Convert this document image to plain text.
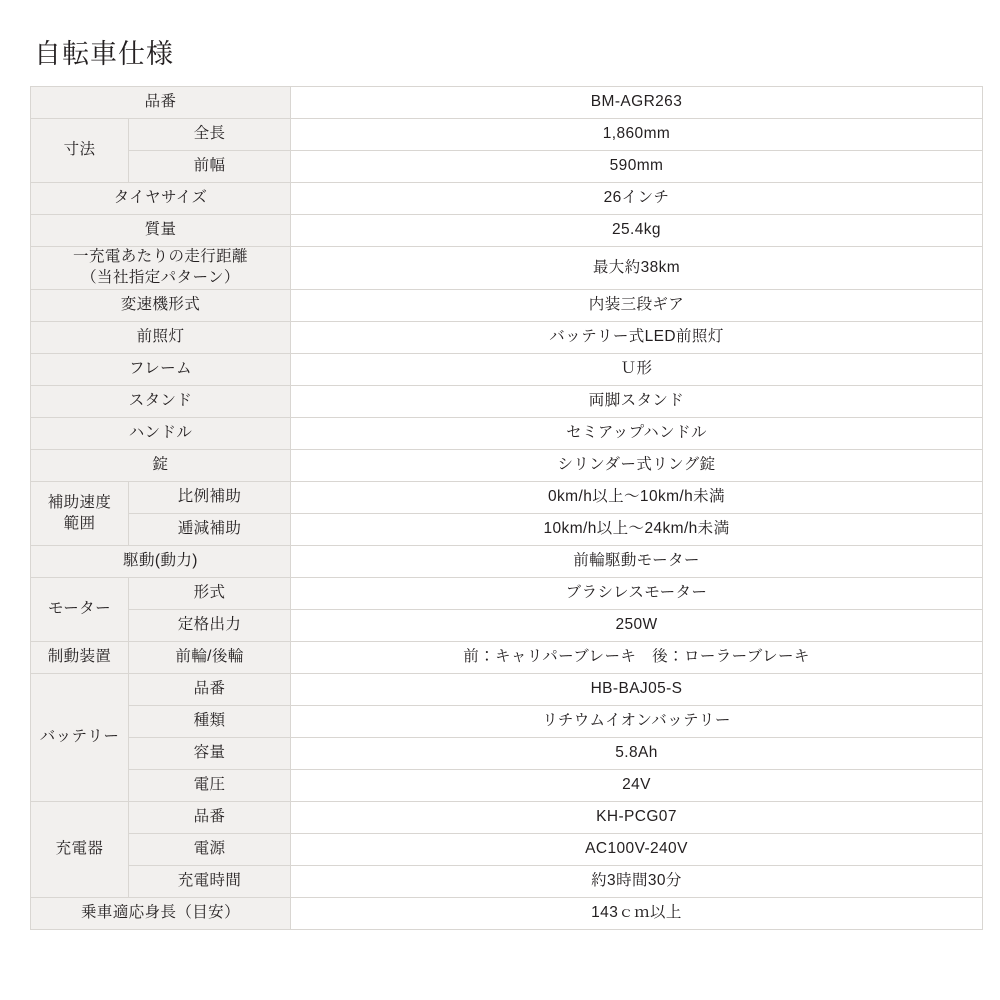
自転車仕様
品番		BM-AGR263
寸法	全長	1,860mm
	前幅	590mm
タイヤサイズ		26インチ
質量		25.4kg

一充電あたりの走行距離
（当社指定パターン）		最大約38km
変速機形式		内装三段ギア
前照灯		バッテリー式LED前照灯
フレーム		Ｕ形
スタンド		両脚スタンド
ハンドル		セミアップハンドル
錠		シリンダー式リング錠

補助速度
範囲	比例補助	0km/h以上〜10km/h未満
	逓減補助	10km/h以上〜24km/h未満
駆動(動力)		前輪駆動モーター
モーター	形式	ブラシレスモーター
	定格出力	250W
制動装置	前輪/後輪	前：キャリパーブレーキ　後：ローラーブレーキ
バッテリー	品番	HB-BAJ05-S
	種類	リチウムイオンバッテリー
	容量	5.8Ah
	電圧	24V
充電器	品番	KH-PCG07
	電源	AC100V-240V
	充電時間	約3時間30分
乗車適応身長（目安）		143ｃｍ以上
